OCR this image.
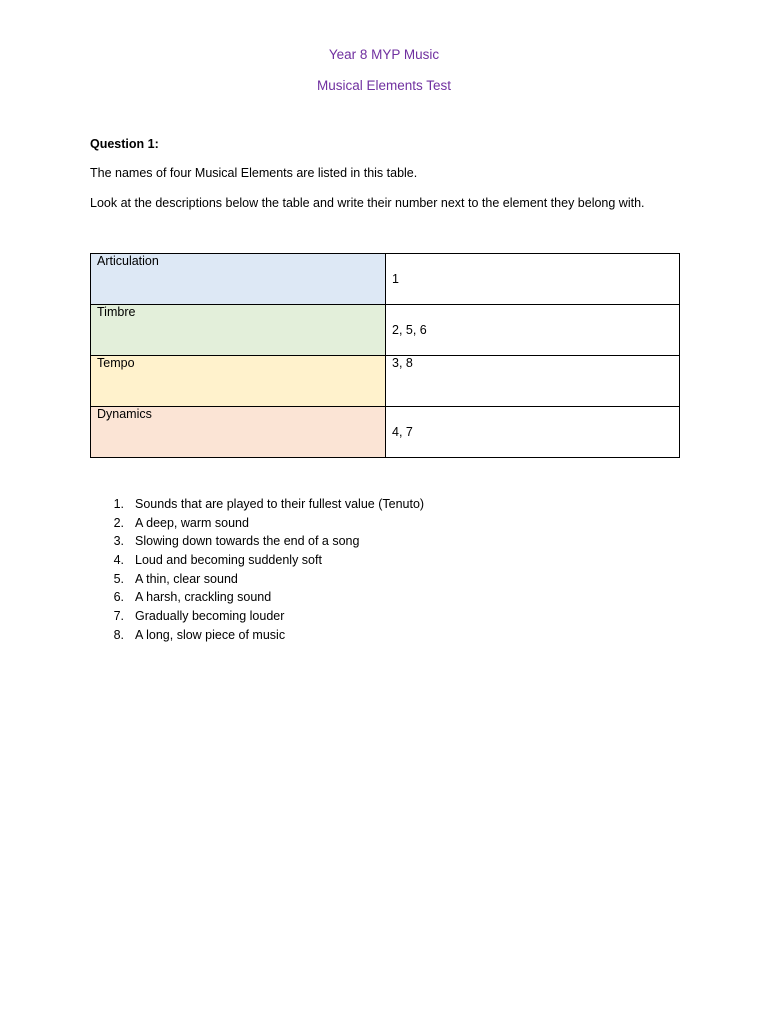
Year 8 MYP Music
Musical Elements Test
Question 1:
The names of four Musical Elements are listed in this table.
Look at the descriptions below the table and write their number next to the element they belong with.
Articulation	1
Timbre	2, 5, 6
Tempo	3, 8
Dynamics	4, 7
1. Sounds that are played to their fullest value (Tenuto)
2. A deep, warm sound
3. Slowing down towards the end of a song
4. Loud and becoming suddenly soft
5. A thin, clear sound
6. A harsh, crackling sound
7. Gradually becoming louder
8. A long, slow piece of music
